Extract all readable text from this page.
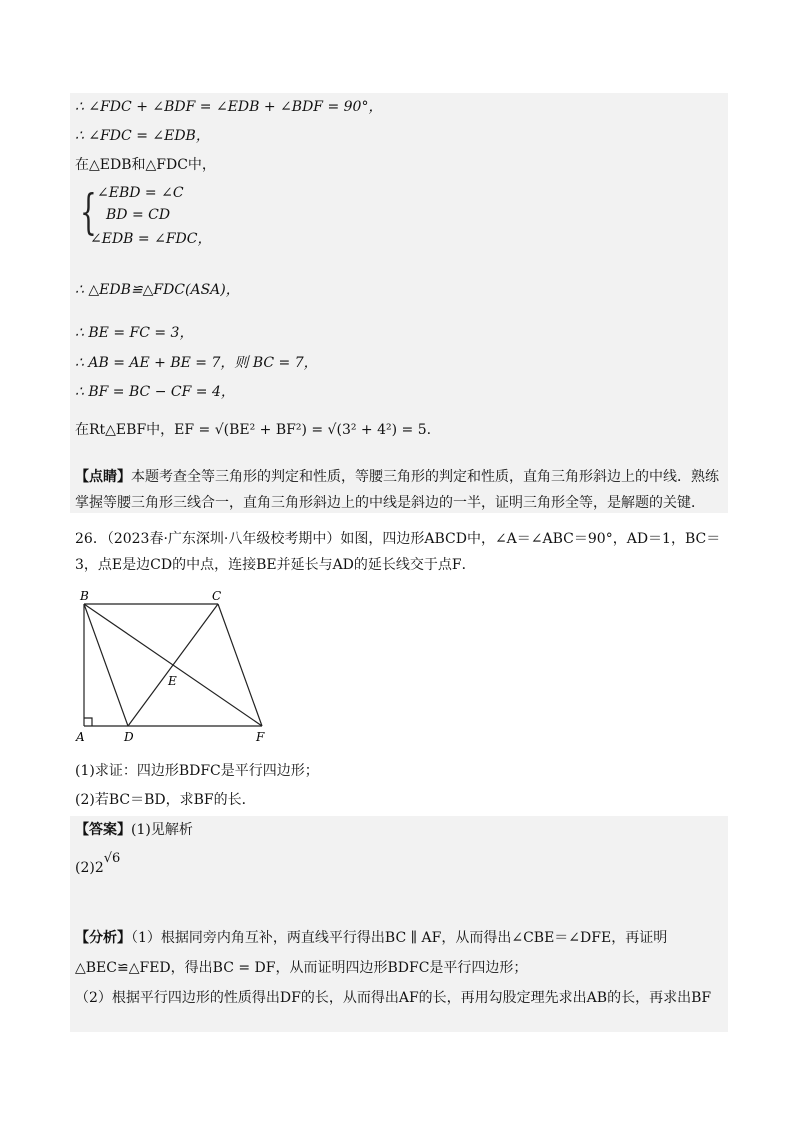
∴ ∠FDC + ∠BDF = ∠EDB + ∠BDF = 90°，
∴ ∠FDC = ∠EDB，
在△EDB和△FDC中，
{ ∠EBD = ∠C
BD = CD
∠EDB = ∠FDC，
∴ △EDB≌△FDC(ASA)，
∴ BE = FC = 3，
∴ AB = AE + BE = 7，则 BC = 7，
∴ BF = BC − CF = 4，
在Rt△EBF中，EF = √(BE² + BF²) = √(3² + 4²) = 5.
【点睛】本题考查全等三角形的判定和性质，等腰三角形的判定和性质，直角三角形斜边上的中线．熟练掌握等腰三角形三线合一，直角三角形斜边上的中线是斜边的一半，证明三角形全等，是解题的关键．
26．（2023春·广东深圳·八年级校考期中）如图，四边形ABCD中，∠A＝∠ABC＝90°，AD＝1，BC＝3，点E是边CD的中点，连接BE并延长与AD的延长线交于点F．
B	C
E
A	D	F
(1)求证：四边形BDFC是平行四边形；
(2)若BC＝BD，求BF的长．
【答案】(1)见解析
(2)2√6
【分析】（1）根据同旁内角互补，两直线平行得出BC ∥ AF，从而得出∠CBE＝∠DFE，再证明
△BEC≌△FED，得出BC = DF，从而证明四边形BDFC是平行四边形；
（2）根据平行四边形的性质得出DF的长，从而得出AF的长，再用勾股定理先求出AB的长，再求出BF
